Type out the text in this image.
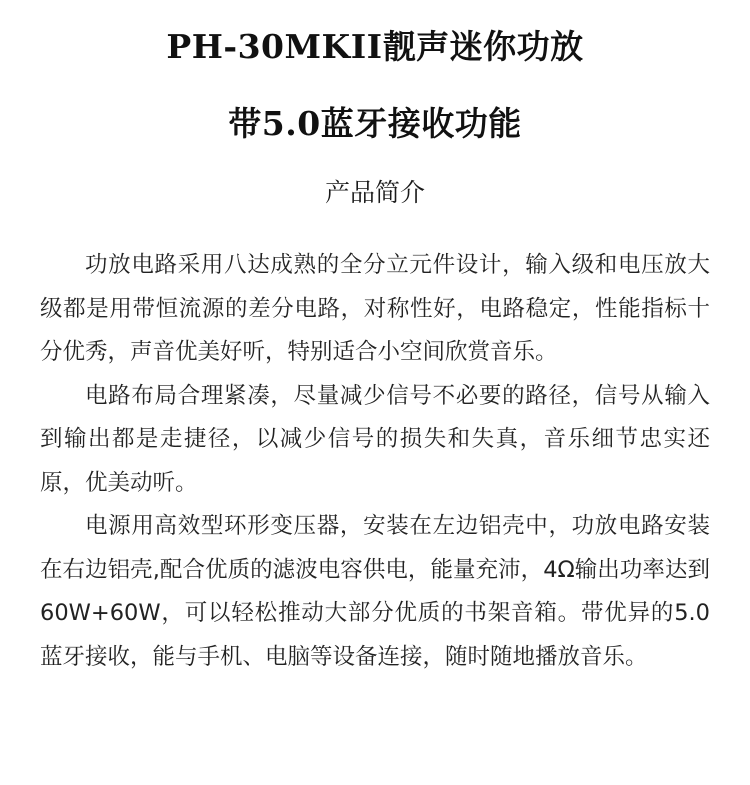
PH-30MKII靓声迷你功放
带5.0蓝牙接收功能
产品简介

功放电路采用八达成熟的全分立元件设计，输入级和电压放大级都是用带恒流源的差分电路，对称性好，电路稳定，性能指标十分优秀，声音优美好听，特别适合小空间欣赏音乐。

电路布局合理紧凑，尽量减少信号不必要的路径，信号从输入到输出都是走捷径，以减少信号的损失和失真，音乐细节忠实还原，优美动听。

电源用高效型环形变压器，安装在左边铝壳中，功放电路安装在右边铝壳,配合优质的滤波电容供电，能量充沛，4Ω输出功率达到60W+60W，可以轻松推动大部分优质的书架音箱。带优异的5.0蓝牙接收，能与手机、电脑等设备连接，随时随地播放音乐。
